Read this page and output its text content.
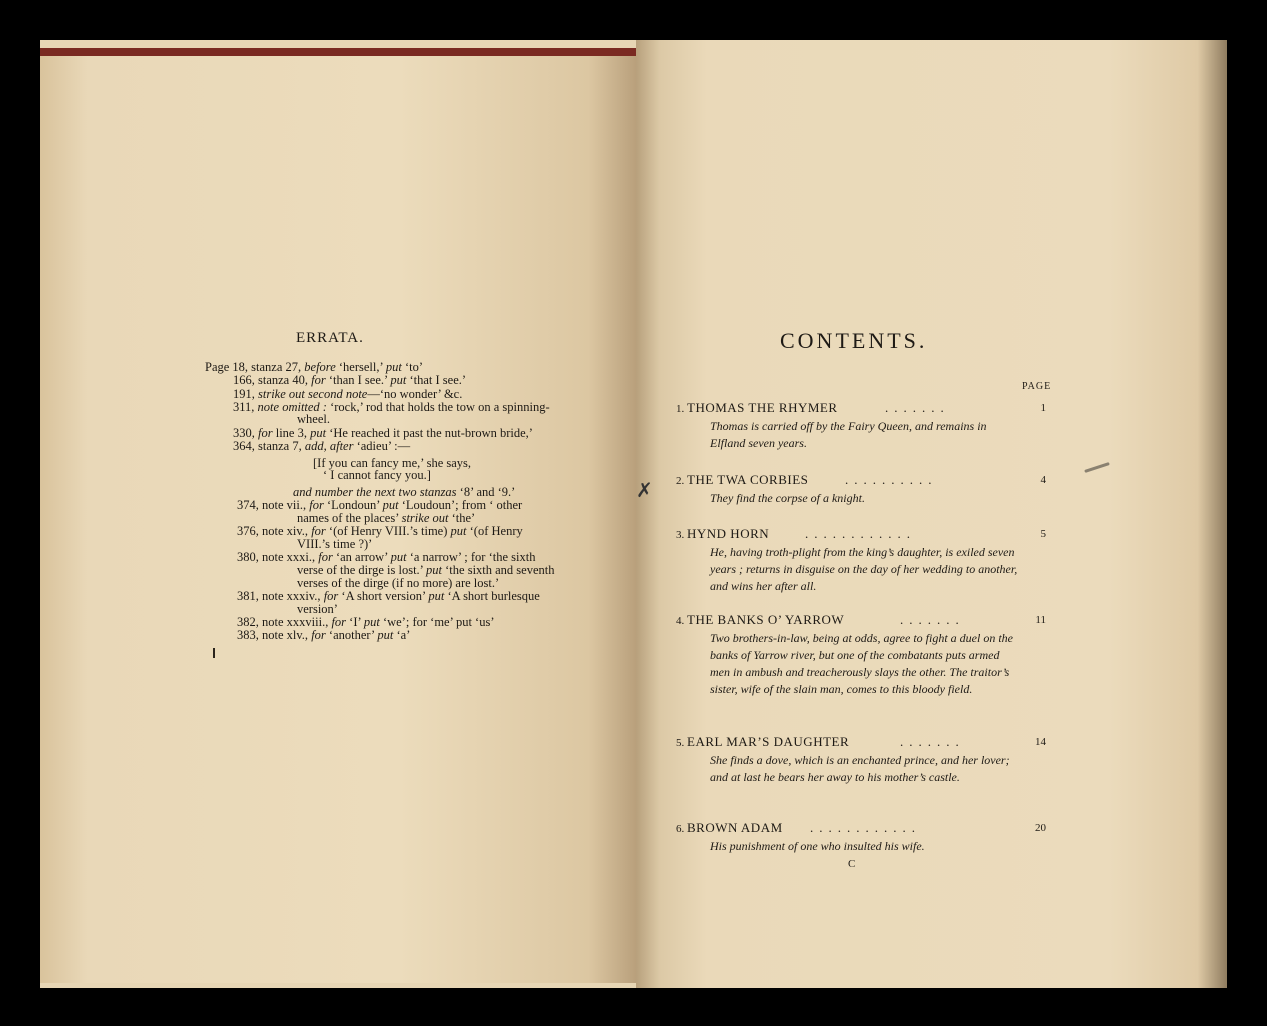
ERRATA.
Page 18, stanza 27, before ‘hersell,’ put ‘to’
166, stanza 40, for ‘than I see.’ put ‘that I see.’
191, strike out second note—‘no wonder’ &c.
311, note omitted : ‘rock,’ rod that holds the tow on a spinning-
wheel.
330, for line 3, put ‘He reached it past the nut-brown bride,’
364, stanza 7, add, after ‘adieu’ :—
[If you can fancy me,’ she says,
‘ I cannot fancy you.]
and number the next two stanzas ‘8’ and ‘9.’
374, note vii., for ‘Londoun’ put ‘Loudoun’; from ‘ other
names of the places’ strike out ‘the’
376, note xiv., for ‘(of Henry VIII.’s time) put ‘(of Henry
VIII.’s time ?)’
380, note xxxi., for ‘an arrow’ put ‘a narrow’ ; for ‘the sixth
verse of the dirge is lost.’ put ‘the sixth and seventh
verses of the dirge (if no more) are lost.’
381, note xxxiv., for ‘A short version’ put ‘A short burlesque
version’
382, note xxxviii., for ‘I’ put ‘we’; for ‘me’ put ‘us’
383, note xlv., for ‘another’ put ‘a’
CONTENTS.
PAGE
1. THOMAS THE RHYMER	.......	1
Thomas is carried off by the Fairy Queen, and remains in Elfland seven years.
2. THE TWA CORBIES	..........	4
They find the corpse of a knight.
3. HYND HORN	............	5
He, having troth-plight from the king’s daughter, is exiled seven years ; returns in disguise on the day of her wedding to another, and wins her after all.
4. THE BANKS O’ YARROW	.......	11
Two brothers-in-law, being at odds, agree to fight a duel on the banks of Yarrow river, but one of the combatants puts armed men in ambush and treacherously slays the other. The traitor’s sister, wife of the slain man, comes to this bloody field.
5. EARL MAR’S DAUGHTER	.......	14
She finds a dove, which is an enchanted prince, and her lover; and at last he bears her away to his mother’s castle.
6. BROWN ADAM ............	20
His punishment of one who insulted his wife.
C
✗
